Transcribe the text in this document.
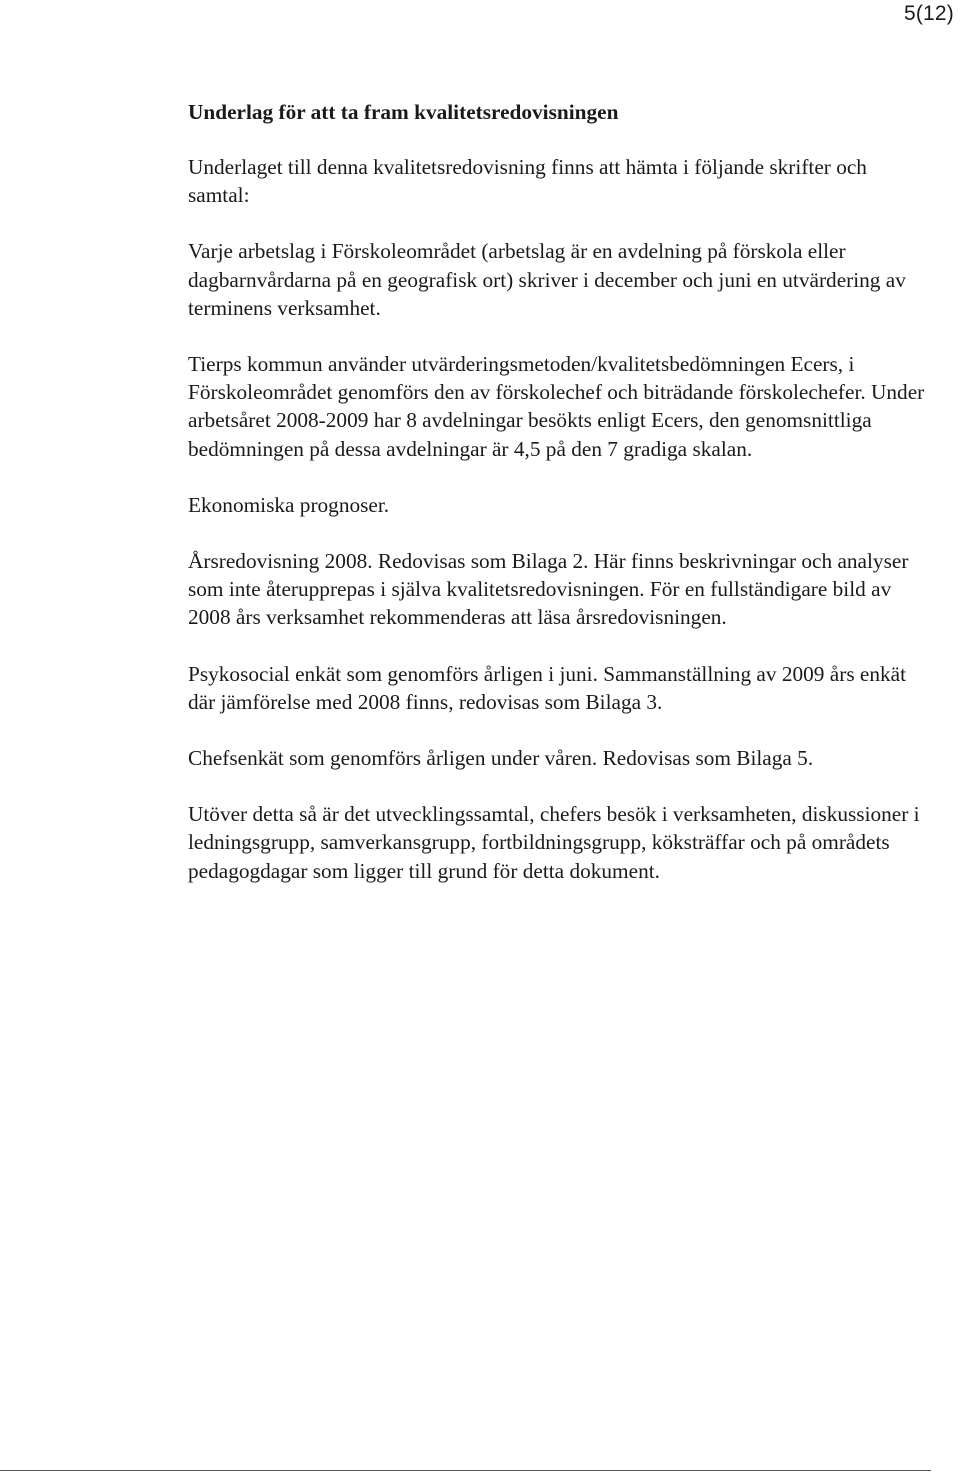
5(12)
Underlag för att ta fram kvalitetsredovisningen

Underlaget till denna kvalitetsredovisning finns att hämta i följande skrifter och samtal:

Varje arbetslag i Förskoleområdet (arbetslag är en avdelning på förskola eller dagbarnvårdarna på en geografisk ort) skriver i december och juni en utvärdering av terminens verksamhet.

Tierps kommun använder utvärderingsmetoden/kvalitetsbedömningen Ecers, i Förskoleområdet genomförs den av förskolechef och biträdande förskolechefer. Under arbetsåret 2008-2009 har 8 avdelningar besökts enligt Ecers, den genomsnittliga bedömningen på dessa avdelningar är 4,5 på den 7 gradiga skalan.

Ekonomiska prognoser.

Årsredovisning 2008. Redovisas som Bilaga 2. Här finns beskrivningar och analyser som inte återupprepas i själva kvalitetsredovisningen. För en fullständigare bild av 2008 års verksamhet rekommenderas att läsa årsredovisningen.

Psykosocial enkät som genomförs årligen i juni. Sammanställning av 2009 års enkät där jämförelse med 2008 finns, redovisas som Bilaga 3.

Chefsenkät som genomförs årligen under våren. Redovisas som Bilaga 5.

Utöver detta så är det utvecklingssamtal, chefers besök i verksamheten, diskussioner i ledningsgrupp, samverkansgrupp, fortbildningsgrupp, köksträffar och på områdets pedagogdagar som ligger till grund för detta dokument.
